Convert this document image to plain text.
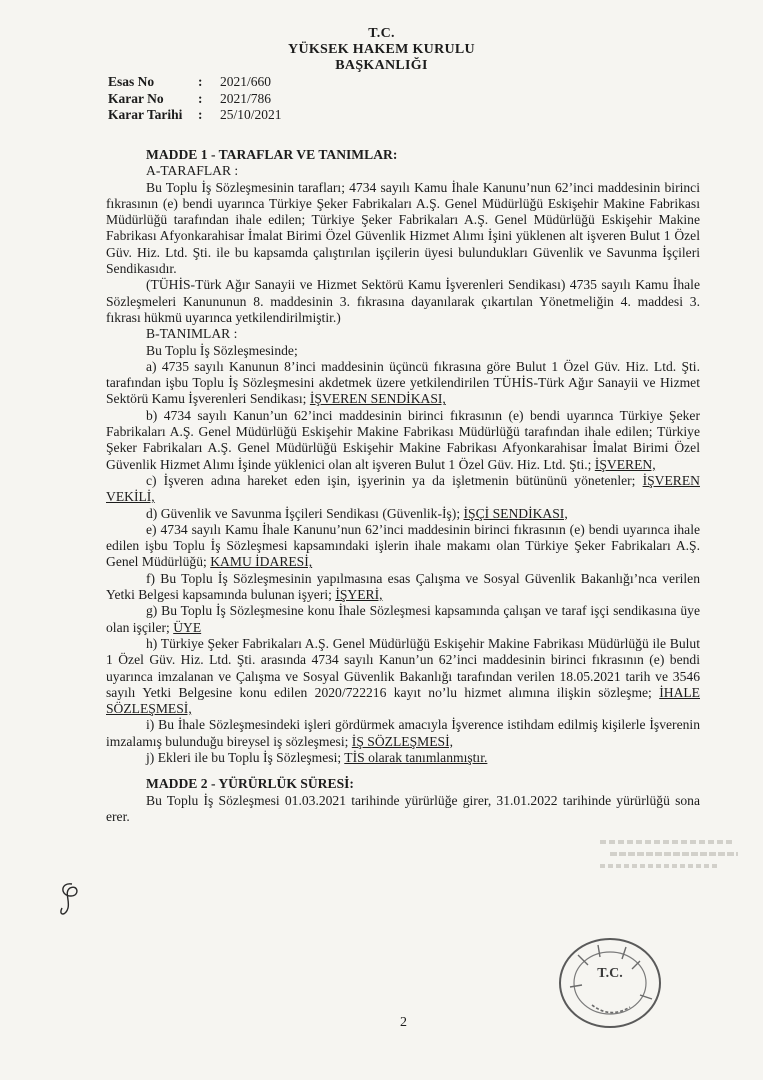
T.C.
YÜKSEK HAKEM KURULU
BAŞKANLIĞI
Esas No	:	2021/660
Karar No	:	2021/786
Karar Tarihi	:	25/10/2021

MADDE 1 - TARAFLAR VE TANIMLAR:

A-TARAFLAR :

Bu Toplu İş Sözleşmesinin tarafları; 4734 sayılı Kamu İhale Kanunu’nun 62’inci maddesinin birinci fıkrasının (e) bendi uyarınca Türkiye Şeker Fabrikaları A.Ş. Genel Müdürlüğü Eskişehir Makine Fabrikası Müdürlüğü tarafından ihale edilen; Türkiye Şeker Fabrikaları A.Ş. Genel Müdürlüğü Eskişehir Makine Fabrikası Afyonkarahisar İmalat Birimi Özel Güvenlik Hizmet Alımı İşini yüklenen alt işveren Bulut 1 Özel Güv. Hiz. Ltd. Şti. ile bu kapsamda çalıştırılan işçilerin üyesi bulundukları Güvenlik ve Savunma İşçileri Sendikasıdır.

(TÜHİS-Türk Ağır Sanayii ve Hizmet Sektörü Kamu İşverenleri Sendikası) 4735 sayılı Kamu İhale Sözleşmeleri Kanununun 8. maddesinin 3. fıkrasına dayanılarak çıkartılan Yönetmeliğin 4. maddesi 3. fıkrası hükmü uyarınca yetkilendirilmiştir.)

B-TANIMLAR :

Bu Toplu İş Sözleşmesinde;

a) 4735 sayılı Kanunun 8’inci maddesinin üçüncü fıkrasına göre Bulut 1 Özel Güv. Hiz. Ltd. Şti. tarafından işbu Toplu İş Sözleşmesini akdetmek üzere yetkilendirilen TÜHİS-Türk Ağır Sanayii ve Hizmet Sektörü Kamu İşverenleri Sendikası; İŞVEREN SENDİKASI,

b) 4734 sayılı Kanun’un 62’inci maddesinin birinci fıkrasının (e) bendi uyarınca Türkiye Şeker Fabrikaları A.Ş. Genel Müdürlüğü Eskişehir Makine Fabrikası Müdürlüğü tarafından ihale edilen; Türkiye Şeker Fabrikaları A.Ş. Genel Müdürlüğü Eskişehir Makine Fabrikası Afyonkarahisar İmalat Birimi Özel Güvenlik Hizmet Alımı İşinde yüklenici olan alt işveren Bulut 1 Özel Güv. Hiz. Ltd. Şti.; İŞVEREN,

c) İşveren adına hareket eden işin, işyerinin ya da işletmenin bütününü yönetenler; İŞVEREN VEKİLİ,

d) Güvenlik ve Savunma İşçileri Sendikası (Güvenlik-İş); İŞÇİ SENDİKASI,

e) 4734 sayılı Kamu İhale Kanunu’nun 62’inci maddesinin birinci fıkrasının (e) bendi uyarınca ihale edilen işbu Toplu İş Sözleşmesi kapsamındaki işlerin ihale makamı olan Türkiye Şeker Fabrikaları A.Ş. Genel Müdürlüğü; KAMU İDARESİ,

f) Bu Toplu İş Sözleşmesinin yapılmasına esas Çalışma ve Sosyal Güvenlik Bakanlığı’nca verilen Yetki Belgesi kapsamında bulunan işyeri; İŞYERİ,

g) Bu Toplu İş Sözleşmesine konu İhale Sözleşmesi kapsamında çalışan ve taraf işçi sendikasına üye olan işçiler; ÜYE

h) Türkiye Şeker Fabrikaları A.Ş. Genel Müdürlüğü Eskişehir Makine Fabrikası Müdürlüğü ile Bulut 1 Özel Güv. Hiz. Ltd. Şti. arasında 4734 sayılı Kanun’un 62’inci maddesinin birinci fıkrasının (e) bendi uyarınca imzalanan ve Çalışma ve Sosyal Güvenlik Bakanlığı tarafından verilen 18.05.2021 tarih ve 3546 sayılı Yetki Belgesine konu edilen 2020/722216 kayıt no’lu hizmet alımına ilişkin sözleşme; İHALE SÖZLEŞMESİ,

i) Bu İhale Sözleşmesindeki işleri gördürmek amacıyla İşverence istihdam edilmiş kişilerle İşverenin imzalamış bulunduğu bireysel iş sözleşmesi; İŞ SÖZLEŞMESİ,

j) Ekleri ile bu Toplu İş Sözleşmesi; TİS olarak tanımlanmıştır.

MADDE 2 - YÜRÜRLÜK SÜRESİ:

Bu Toplu İş Sözleşmesi 01.03.2021 tarihinde yürürlüğe girer, 31.01.2022 tarihinde yürürlüğü sona erer.

T.C.
2
